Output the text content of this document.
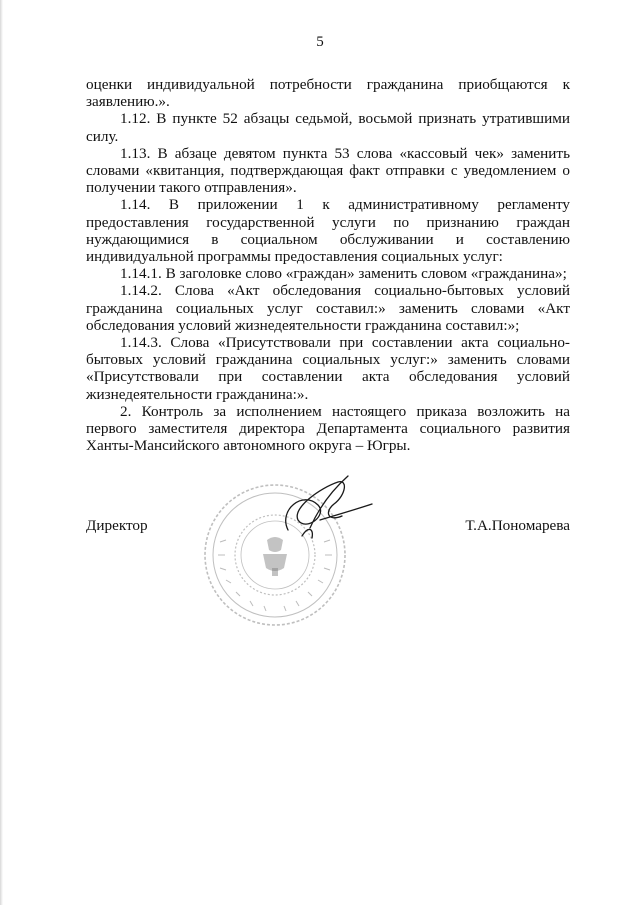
5

оценки индивидуальной потребности гражданина приобщаются к заявлению.».

1.12. В пункте 52 абзацы седьмой, восьмой признать утратившими силу.

1.13. В абзаце девятом пункта 53 слова «кассовый чек» заменить словами «квитанция, подтверждающая факт отправки с уведомлением о получении такого отправления».

1.14. В приложении 1 к административному регламенту предоставления государственной услуги по признанию граждан нуждающимися в социальном обслуживании и составлению индивидуальной программы предоставления социальных услуг:

1.14.1. В заголовке слово «граждан» заменить словом «гражданина»;

1.14.2. Слова «Акт обследования социально-бытовых условий гражданина социальных услуг составил:» заменить словами «Акт обследования условий жизнедеятельности гражданина составил:»;

1.14.3. Слова «Присутствовали при составлении акта социально-бытовых условий гражданина социальных услуг:» заменить словами «Присутствовали при составлении акта обследования условий жизнедеятельности гражданина:».

2. Контроль за исполнением настоящего приказа возложить на первого заместителя директора Департамента социального развития Ханты-Мансийского автономного округа – Югры.

Директор	Т.А.Пономарева
